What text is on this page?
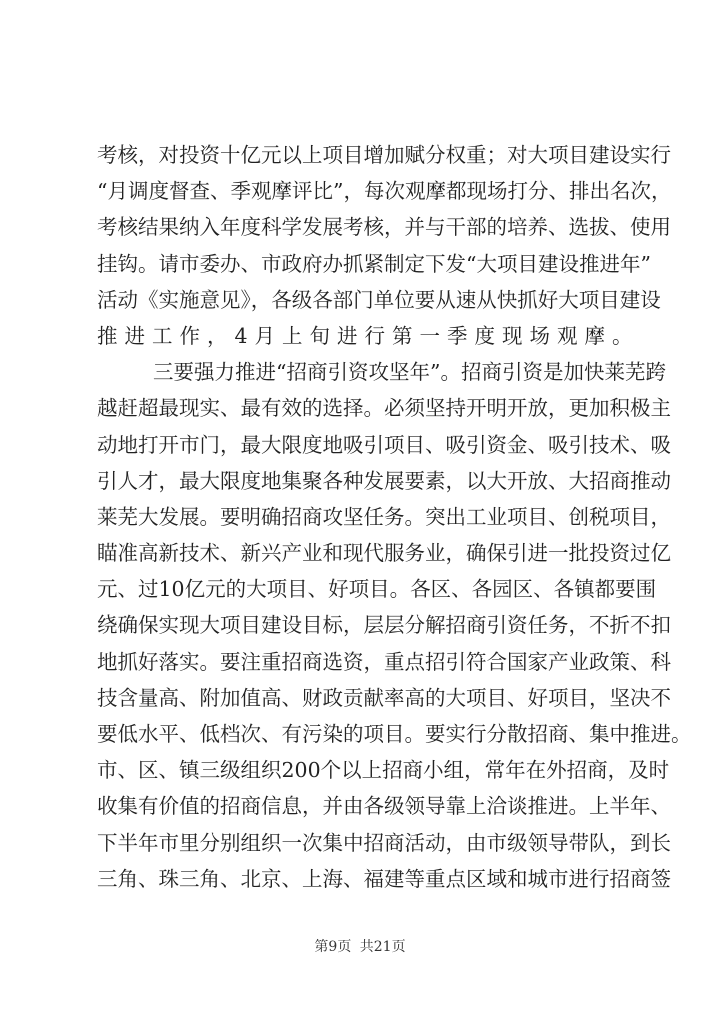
考核，对投资十亿元以上项目增加赋分权重；对大项目建设实行
“月调度督查、季观摩评比”，每次观摩都现场打分、排出名次，
考核结果纳入年度科学发展考核，并与干部的培养、选拔、使用
挂钩。请市委办、市政府办抓紧制定下发“大项目建设推进年”
活动《实施意见》，各级各部门单位要从速从快抓好大项目建设
推进工作，4月上旬进行第一季度现场观摩。
三要强力推进“招商引资攻坚年”。招商引资是加快莱芜跨
越赶超最现实、最有效的选择。必须坚持开明开放，更加积极主
动地打开市门，最大限度地吸引项目、吸引资金、吸引技术、吸
引人才，最大限度地集聚各种发展要素，以大开放、大招商推动
莱芜大发展。要明确招商攻坚任务。突出工业项目、创税项目，
瞄准高新技术、新兴产业和现代服务业，确保引进一批投资过亿
元、过10亿元的大项目、好项目。各区、各园区、各镇都要围
绕确保实现大项目建设目标，层层分解招商引资任务，不折不扣
地抓好落实。要注重招商选资，重点招引符合国家产业政策、科
技含量高、附加值高、财政贡献率高的大项目、好项目，坚决不
要低水平、低档次、有污染的项目。要实行分散招商、集中推进。
市、区、镇三级组织200个以上招商小组，常年在外招商，及时
收集有价值的招商信息，并由各级领导靠上洽谈推进。上半年、
下半年市里分别组织一次集中招商活动，由市级领导带队，到长
三角、珠三角、北京、上海、福建等重点区域和城市进行招商签
第9页 共21页
